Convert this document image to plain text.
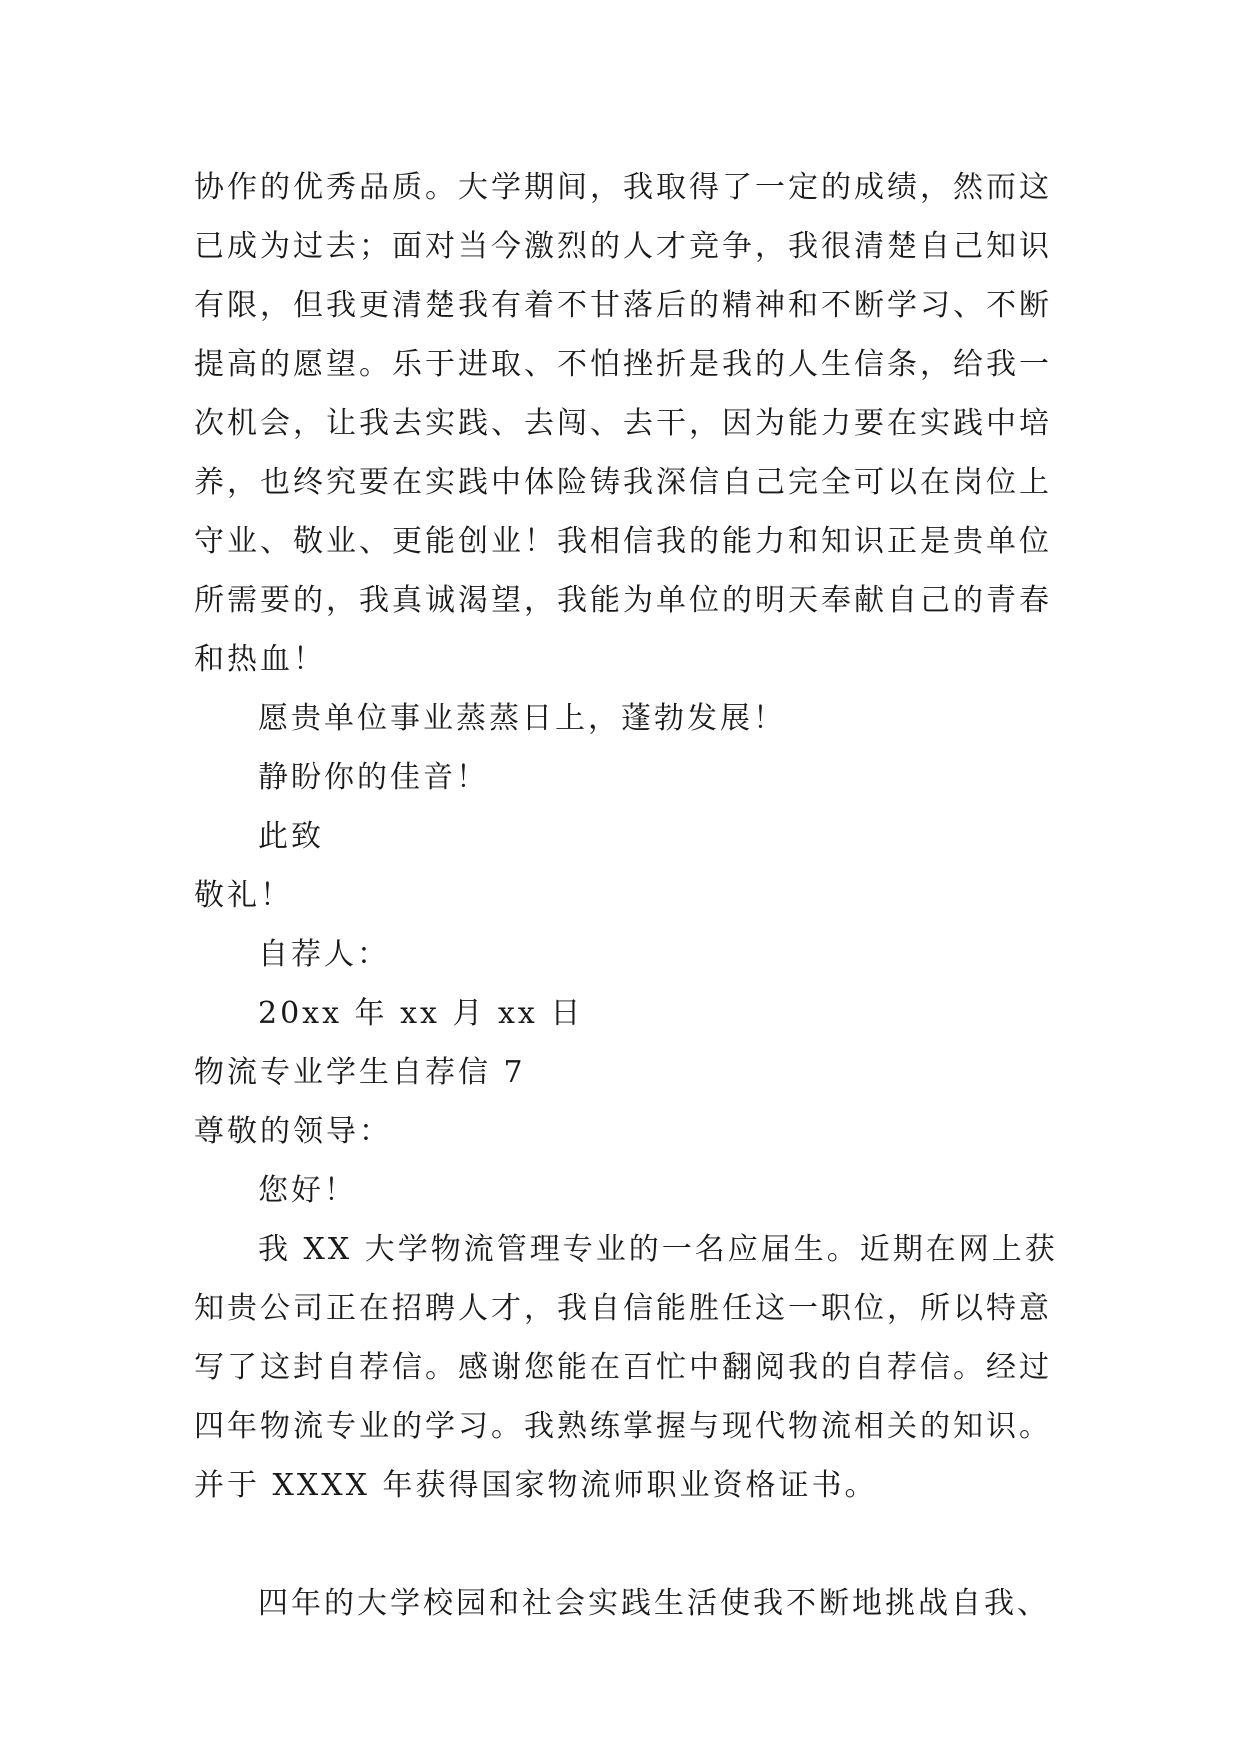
协作的优秀品质。大学期间，我取得了一定的成绩，然而这
已成为过去；面对当今激烈的人才竞争，我很清楚自己知识
有限，但我更清楚我有着不甘落后的精神和不断学习、不断
提高的愿望。乐于进取、不怕挫折是我的人生信条，给我一
次机会，让我去实践、去闯、去干，因为能力要在实践中培
养，也终究要在实践中体险铸我深信自己完全可以在岗位上
守业、敬业、更能创业！我相信我的能力和知识正是贵单位
所需要的，我真诚渴望，我能为单位的明天奉献自己的青春
和热血！
愿贵单位事业蒸蒸日上，蓬勃发展！
静盼你的佳音！
此致
敬礼！
自荐人：
20xx 年 xx 月 xx 日
物流专业学生自荐信 7
尊敬的领导：
您好！
我 XX 大学物流管理专业的一名应届生。近期在网上获
知贵公司正在招聘人才，我自信能胜任这一职位，所以特意
写了这封自荐信。感谢您能在百忙中翻阅我的自荐信。经过
四年物流专业的学习。我熟练掌握与现代物流相关的知识。
并于 XXXX 年获得国家物流师职业资格证书。
四年的大学校园和社会实践生活使我不断地挑战自我、
